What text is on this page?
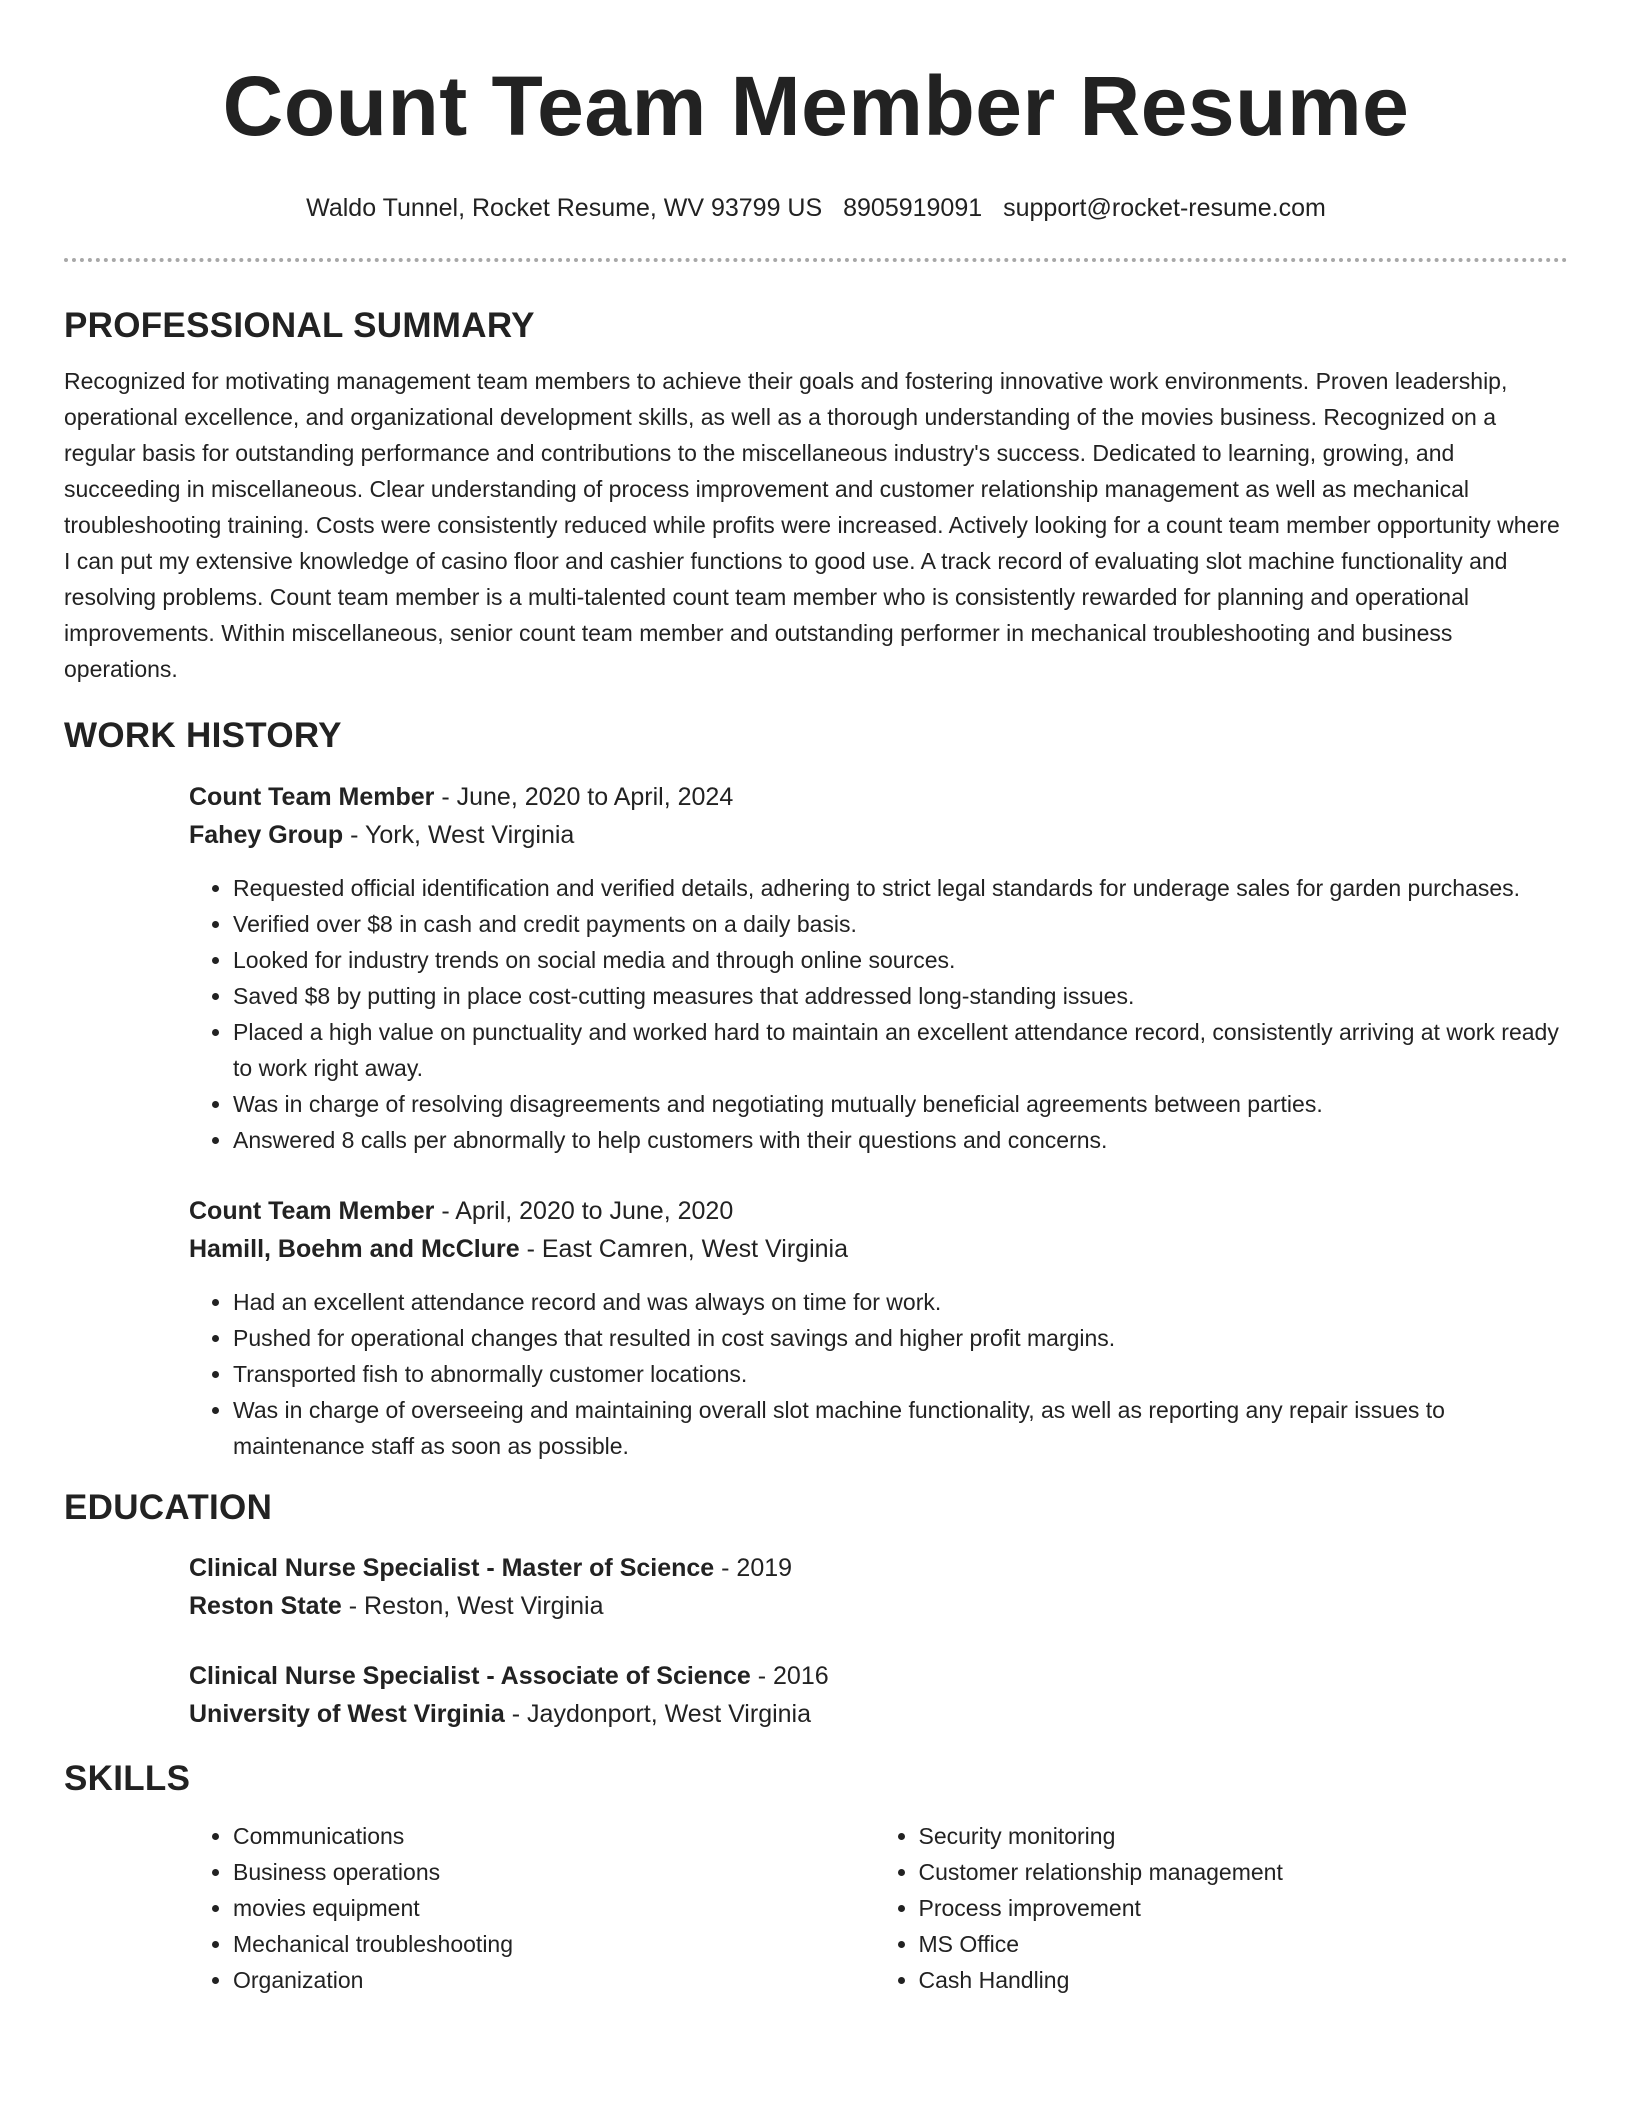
Count Team Member Resume
Waldo Tunnel, Rocket Resume, WV 93799 US 8905919091 support@rocket-resume.com
PROFESSIONAL SUMMARY

Recognized for motivating management team members to achieve their goals and fostering innovative work environments. Proven leadership, operational excellence, and organizational development skills, as well as a thorough understanding of the movies business. Recognized on a regular basis for outstanding performance and contributions to the miscellaneous industry's success. Dedicated to learning, growing, and succeeding in miscellaneous. Clear understanding of process improvement and customer relationship management as well as mechanical troubleshooting training. Costs were consistently reduced while profits were increased. Actively looking for a count team member opportunity where I can put my extensive knowledge of casino floor and cashier functions to good use. A track record of evaluating slot machine functionality and resolving problems. Count team member is a multi-talented count team member who is consistently rewarded for planning and operational improvements. Within miscellaneous, senior count team member and outstanding performer in mechanical troubleshooting and business operations.

WORK HISTORY

Count Team Member - June, 2020 to April, 2024

Fahey Group - York, West Virginia

• Requested official identification and verified details, adhering to strict legal standards for underage sales for garden purchases.
• Verified over $8 in cash and credit payments on a daily basis.
• Looked for industry trends on social media and through online sources.
• Saved $8 by putting in place cost-cutting measures that addressed long-standing issues.
• Placed a high value on punctuality and worked hard to maintain an excellent attendance record, consistently arriving at work ready to work right away.
• Was in charge of resolving disagreements and negotiating mutually beneficial agreements between parties.
• Answered 8 calls per abnormally to help customers with their questions and concerns.

Count Team Member - April, 2020 to June, 2020

Hamill, Boehm and McClure - East Camren, West Virginia

• Had an excellent attendance record and was always on time for work.
• Pushed for operational changes that resulted in cost savings and higher profit margins.
• Transported fish to abnormally customer locations.
• Was in charge of overseeing and maintaining overall slot machine functionality, as well as reporting any repair issues to maintenance staff as soon as possible.
EDUCATION

Clinical Nurse Specialist - Master of Science - 2019

Reston State - Reston, West Virginia

Clinical Nurse Specialist - Associate of Science - 2016

University of West Virginia - Jaydonport, West Virginia

SKILLS
• Communications
• Business operations
• movies equipment
• Mechanical troubleshooting
• Organization
• Security monitoring
• Customer relationship management
• Process improvement
• MS Office
• Cash Handling
